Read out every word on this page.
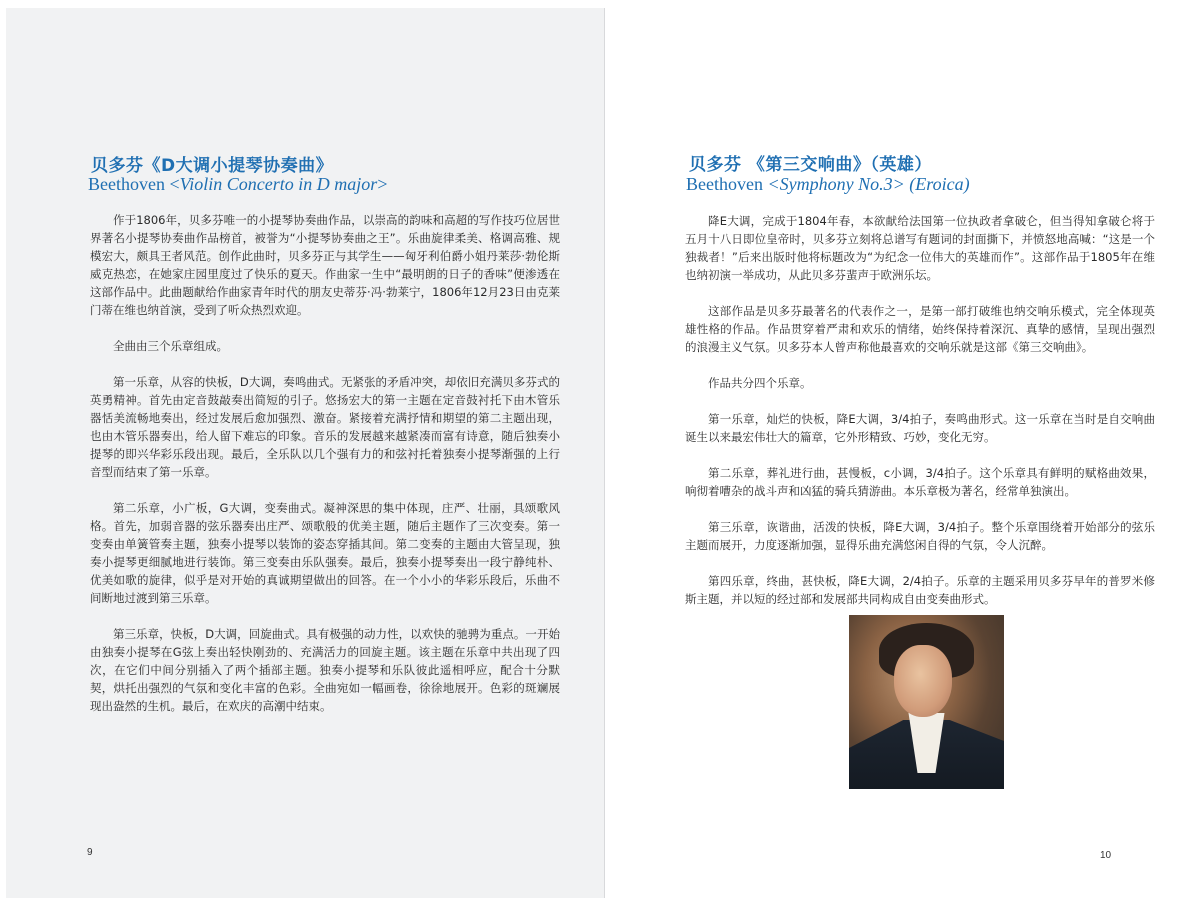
贝多芬《D大调小提琴协奏曲》
Beethoven <Violin Concerto in D major>

作于1806年，贝多芬唯一的小提琴协奏曲作品，以崇高的韵味和高超的写作技巧位居世界著名小提琴协奏曲作品榜首，被誉为“小提琴协奏曲之王”。乐曲旋律柔美、格调高雅、规模宏大，颇具王者风范。创作此曲时，贝多芬正与其学生——匈牙利伯爵小姐丹莱莎·勃伦斯威克热恋，在她家庄园里度过了快乐的夏天。作曲家一生中“最明朗的日子的香味”便渗透在这部作品中。此曲题献给作曲家青年时代的朋友史蒂芬·冯·勃莱宁，1806年12月23日由克莱门蒂在维也纳首演，受到了听众热烈欢迎。

全曲由三个乐章组成。

第一乐章，从容的快板，D大调，奏鸣曲式。无紧张的矛盾冲突，却依旧充满贝多芬式的英勇精神。首先由定音鼓敲奏出简短的引子。悠扬宏大的第一主题在定音鼓衬托下由木管乐器恬美流畅地奏出，经过发展后愈加强烈、激奋。紧接着充满抒情和期望的第二主题出现，也由木管乐器奏出，给人留下难忘的印象。音乐的发展越来越紧凑而富有诗意，随后独奏小提琴的即兴华彩乐段出现。最后，全乐队以几个强有力的和弦衬托着独奏小提琴渐强的上行音型而结束了第一乐章。

第二乐章，小广板，G大调，变奏曲式。凝神深思的集中体现，庄严、壮丽，具颂歌风格。首先，加弱音器的弦乐器奏出庄严、颂歌般的优美主题，随后主题作了三次变奏。第一变奏由单簧管奏主题，独奏小提琴以装饰的姿态穿插其间。第二变奏的主题由大管呈现，独奏小提琴更细腻地进行装饰。第三变奏由乐队强奏。最后，独奏小提琴奏出一段宁静纯朴、优美如歌的旋律，似乎是对开始的真诚期望做出的回答。在一个小小的华彩乐段后，乐曲不间断地过渡到第三乐章。

第三乐章，快板，D大调，回旋曲式。具有极强的动力性，以欢快的驰骋为重点。一开始由独奏小提琴在G弦上奏出轻快刚劲的、充满活力的回旋主题。该主题在乐章中共出现了四次，在它们中间分别插入了两个插部主题。独奏小提琴和乐队彼此遥相呼应，配合十分默契，烘托出强烈的气氛和变化丰富的色彩。全曲宛如一幅画卷，徐徐地展开。色彩的斑斓展现出盎然的生机。最后，在欢庆的高潮中结束。

9
贝多芬 《第三交响曲》（英雄）
Beethoven <Symphony No.3> (Eroica)

降E大调，完成于1804年春，本欲献给法国第一位执政者拿破仑，但当得知拿破仑将于五月十八日即位皇帝时，贝多芬立刻将总谱写有题词的封面撕下，并愤怒地高喊：“这是一个独裁者！”后来出版时他将标题改为“为纪念一位伟大的英雄而作”。这部作品于1805年在维也纳初演一举成功，从此贝多芬蜚声于欧洲乐坛。

这部作品是贝多芬最著名的代表作之一，是第一部打破维也纳交响乐模式，完全体现英雄性格的作品。作品贯穿着严肃和欢乐的情绪，始终保持着深沉、真挚的感情，呈现出强烈的浪漫主义气氛。贝多芬本人曾声称他最喜欢的交响乐就是这部《第三交响曲》。

作品共分四个乐章。

第一乐章，灿烂的快板，降E大调，3/4拍子，奏鸣曲形式。这一乐章在当时是自交响曲诞生以来最宏伟壮大的篇章，它外形精致、巧妙，变化无穷。

第二乐章，葬礼进行曲，甚慢板，c小调，3/4拍子。这个乐章具有鲜明的赋格曲效果，响彻着嘈杂的战斗声和凶猛的骑兵猜游曲。本乐章极为著名，经常单独演出。

第三乐章，诙谐曲，活泼的快板，降E大调，3/4拍子。整个乐章围绕着开始部分的弦乐主题而展开，力度逐渐加强，显得乐曲充满悠闲自得的气氛，令人沉醉。

第四乐章，终曲，甚快板，降E大调，2/4拍子。乐章的主题采用贝多芬早年的普罗米修斯主题，并以短的经过部和发展部共同构成自由变奏曲形式。

10
